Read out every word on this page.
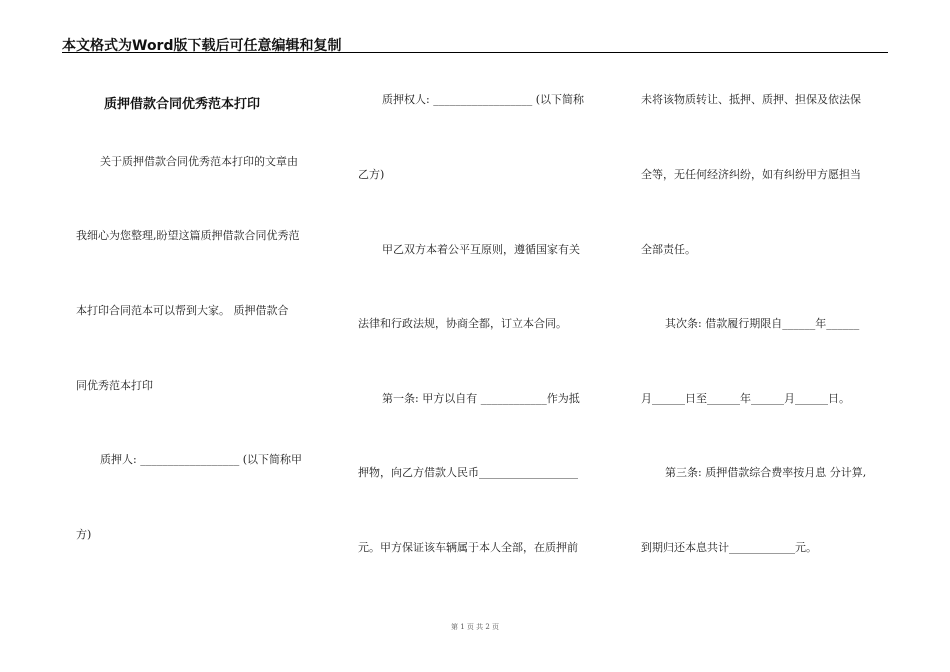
本文格式为Word版下载后可任意编辑和复制
质押借款合同优秀范本打印
关于质押借款合同优秀范本打印的文章由
我细心为您整理,盼望这篇质押借款合同优秀范
本打印合同范本可以帮到大家。 质押借款合
同优秀范本打印
质押人: __________________ (以下简称甲
方)
质押权人: __________________ (以下简称
乙方)
甲乙双方本着公平互原则，遵循国家有关
法律和行政法规，协商全都，订立本合同。
第一条: 甲方以自有 ____________作为抵
押物，向乙方借款人民币__________________
元。甲方保证该车辆属于本人全部，在质押前
未将该物质转让、抵押、质押、担保及依法保
全等，无任何经济纠纷，如有纠纷甲方愿担当
全部责任。
其次条: 借款履行期限自______年______
月______日至______年______月______日。
第三条: 质押借款综合费率按月息 分计算,
到期归还本息共计____________元。
第 1 页 共 2 页
